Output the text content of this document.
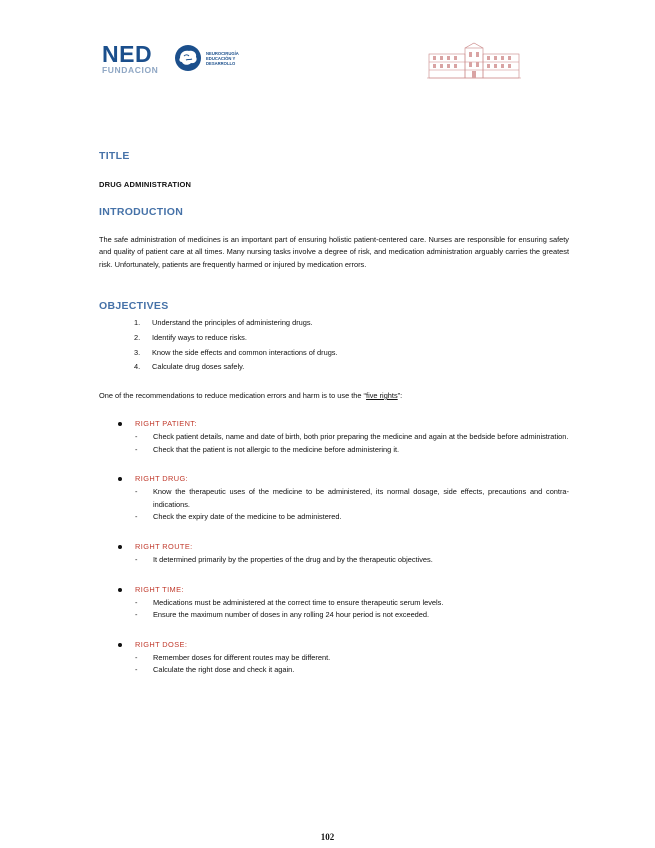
NED
FUNDACION
NEUROCIRUGÍA
EDUCACIÓN Y
DESARROLLO
TITLE
DRUG ADMINISTRATION
INTRODUCTION

The safe administration of medicines is an important part of ensuring holistic patient-centered care. Nurses are responsible for ensuring safety and quality of patient care at all times. Many nursing tasks involve a degree of risk, and medication administration arguably carries the greatest risk. Unfortunately, patients are frequently harmed or injured by medication errors.

OBJECTIVES
1. Understand the principles of administering drugs.
2. Identify ways to reduce risks.
3. Know the side effects and common interactions of drugs.
4. Calculate drug doses safely.
One of the recommendations to reduce medication errors and harm is to use the “five rights”:
RIGHT PATIENT:
- Check patient details, name and date of birth, both prior preparing the medicine and again at the bedside before administration.
- Check that the patient is not allergic to the medicine before administering it.
RIGHT DRUG:
- Know the therapeutic uses of the medicine to be administered, its normal dosage, side effects, precautions and contra-indications.
- Check the expiry date of the medicine to be administered.
RIGHT ROUTE:
- It determined primarily by the properties of the drug and by the therapeutic objectives.
RIGHT TIME:
- Medications must be administered at the correct time to ensure therapeutic serum levels.
- Ensure the maximum number of doses in any rolling 24 hour period is not exceeded.
RIGHT DOSE:
- Remember doses for different routes may be different.
- Calculate the right dose and check it again.
102
